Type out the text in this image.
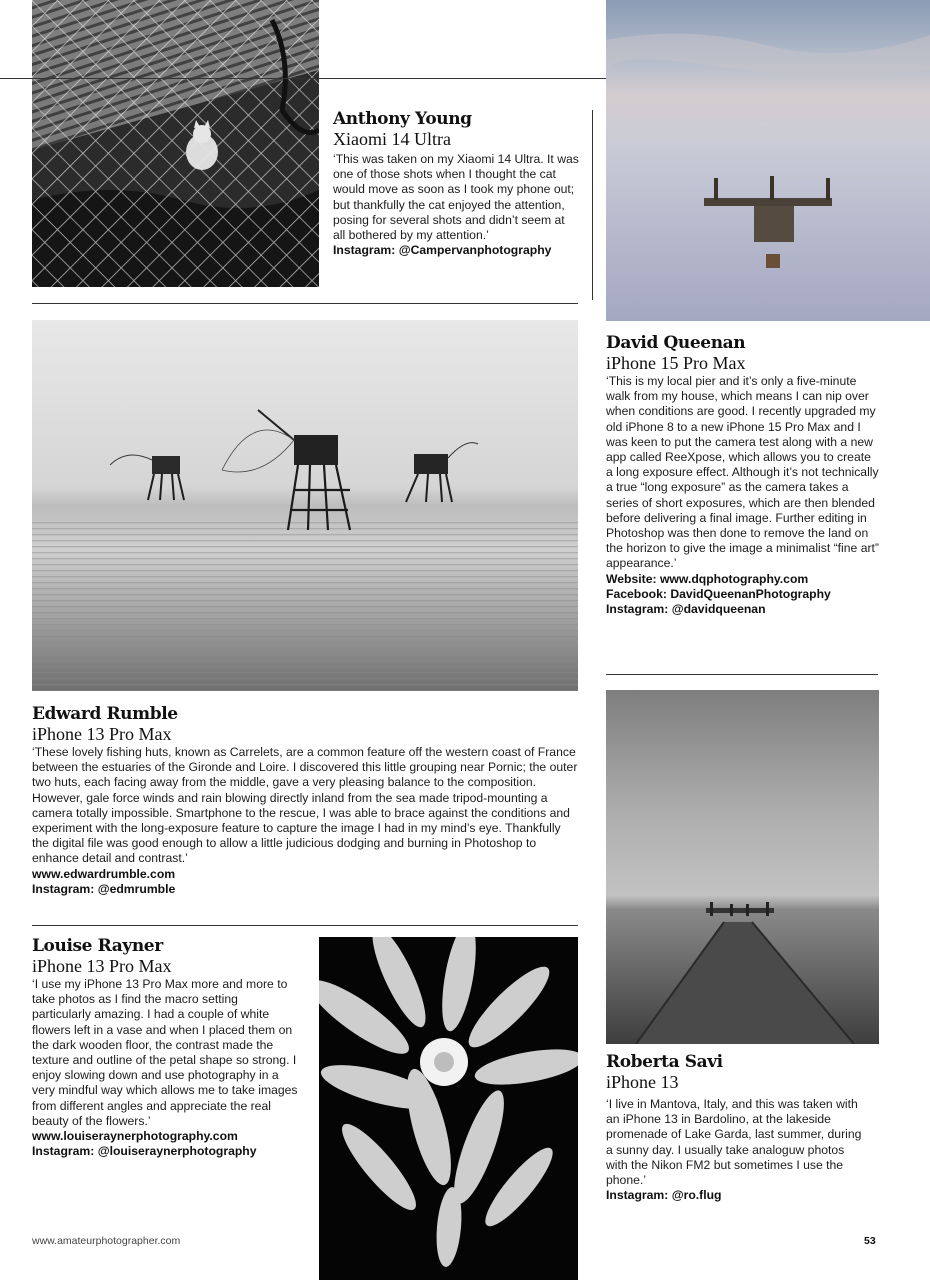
Anthony Young
Xiaomi 14 Ultra
‘This was taken on my Xiaomi 14 Ultra. It was one of those shots when I thought the cat would move as soon as I took my phone out; but thankfully the cat enjoyed the attention, posing for several shots and didn’t seem at all bothered by my attention.’
Instagram: @Campervanphotography
David Queenan
iPhone 15 Pro Max
‘This is my local pier and it’s only a five-minute walk from my house, which means I can nip over when conditions are good. I recently upgraded my old iPhone 8 to a new iPhone 15 Pro Max and I was keen to put the camera test along with a new app called ReeXpose, which allows you to create a long exposure effect. Although it’s not technically a true “long exposure” as the camera takes a series of short exposures, which are then blended before delivering a final image. Further editing in Photoshop was then done to remove the land on the horizon to give the image a minimalist “fine art” appearance.’
Website: www.dqphotography.com
Facebook: DavidQueenanPhotography
Instagram: @davidqueenan
Edward Rumble
iPhone 13 Pro Max
‘These lovely fishing huts, known as Carrelets, are a common feature off the western coast of France between the estuaries of the Gironde and Loire. I discovered this little grouping near Pornic; the outer two huts, each facing away from the middle, gave a very pleasing balance to the composition. However, gale force winds and rain blowing directly inland from the sea made tripod-mounting a camera totally impossible. Smartphone to the rescue, I was able to brace against the conditions and experiment with the long-exposure feature to capture the image I had in my mind’s eye. Thankfully the digital file was good enough to allow a little judicious dodging and burning in Photoshop to enhance detail and contrast.’
www.edwardrumble.com
Instagram: @edmrumble
Louise Rayner
iPhone 13 Pro Max
‘I use my iPhone 13 Pro Max more and more to take photos as I find the macro setting particularly amazing. I had a couple of white flowers left in a vase and when I placed them on the dark wooden floor, the contrast made the texture and outline of the petal shape so strong. I enjoy slowing down and use photography in a very mindful way which allows me to take images from different angles and appreciate the real beauty of the flowers.’
www.louiseraynerphotography.com
Instagram: @louiseraynerphotography
Roberta Savi
iPhone 13
‘I live in Mantova, Italy, and this was taken with an iPhone 13 in Bardolino, at the lakeside promenade of Lake Garda, last summer, during a sunny day. I usually take analoguw photos with the Nikon FM2 but sometimes I use the phone.’
Instagram: @ro.flug
www.amateurphotographer.com	53
